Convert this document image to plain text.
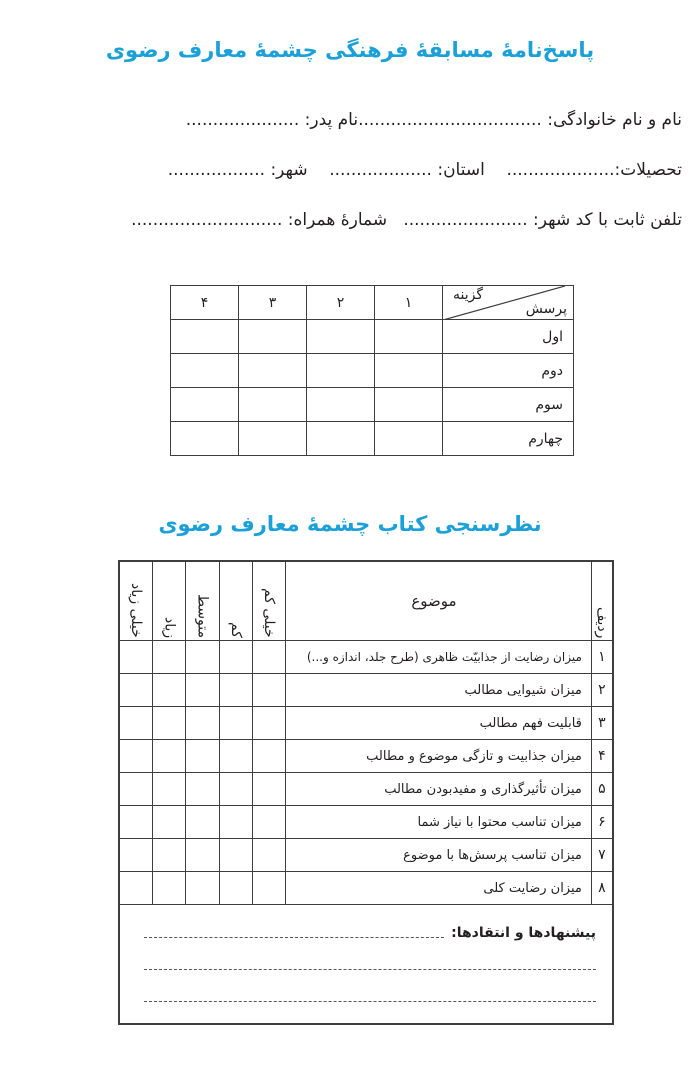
پاسخ‌نامهٔ مسابقهٔ فرهنگی چشمهٔ معارف رضوی
نام و نام خانوادگی: ..................................نام پدر: .....................
تحصیلات:....................    استان: ...................    شهر: ..................
تلفن ثابت با کد شهر: .......................   شمارهٔ همراه: ............................
پرسش
گزینه	۱	۲	۳	۴
اول				
دوم				
سوم				
چهارم				
نظرسنجی کتاب چشمهٔ معارف رضوی
ردیف	موضوع	خیلی کم	کم	متوسط	زیاد	خیلی زیاد

۱	میزان رضایت از جذابیّت ظاهری (طرح جلد، اندازه و...)					
۲	میزان شیوایی مطالب					
۳	قابلیت فهم مطالب					
۴	میزان جذابیت و تازگی موضوع و مطالب					
۵	میزان تأثیرگذاری و مفیدبودن مطالب					
۶	میزان تناسب محتوا با نیاز شما					
۷	میزان تناسب پرسش‌ها با موضوع					
۸	میزان رضایت کلی					

پیشنهادها و انتقادها:						
